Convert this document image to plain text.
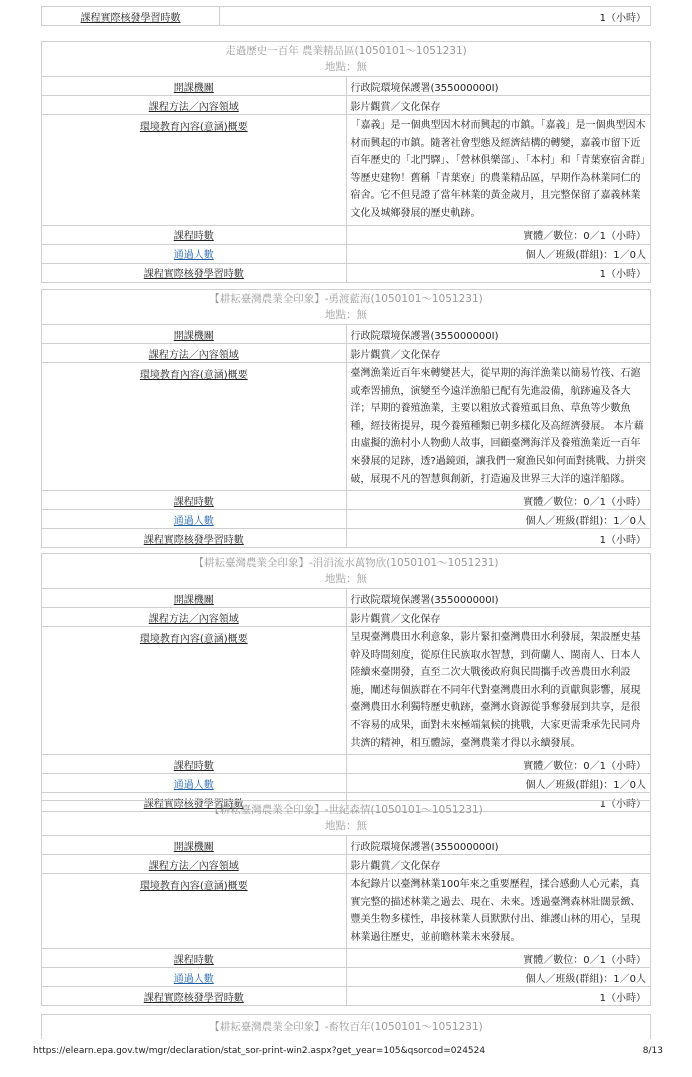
課程實際核發學習時數	1（小時）
走過歷史一百年 農業精品區(1050101～1051231)
地點：無	

開課機關	行政院環境保護署(355000000I)
課程方法／內容領域	影片觀賞／文化保存
環境教育內容(意涵)概要	「嘉義」是一個典型因木材而興起的市鎮。「嘉義」是一個典型因木材而興起的市鎮。隨著社會型態及經濟結構的轉變，嘉義市留下近百年歷史的「北門驛」、「營林俱樂部」、「本村」和「青葉寮宿舍群」等歷史建物！舊稱「青葉寮」的農業精品區，早期作為林業同仁的宿舍。它不但見證了當年林業的黃金歲月，且完整保留了嘉義林業文化及城鄉發展的歷史軌跡。
課程時數	實體／數位：0／1（小時）
通過人數	個人／班級(群組)：1／0人
課程實際核發學習時數	1（小時）
【耕耘臺灣農業全印象】-勇渡藍海(1050101～1051231)
地點：無	

開課機關	行政院環境保護署(355000000I)
課程方法／內容領域	影片觀賞／文化保存
環境教育內容(意涵)概要	臺灣漁業近百年來轉變甚大，從早期的海洋漁業以簡易竹筏、石滬或牽罟捕魚，演變至今遠洋漁船已配有先進設備，航跡遍及各大洋；早期的養殖漁業，主要以粗放式養殖虱目魚、草魚等少數魚種，經技術提昇，現今養殖種類已朝多樣化及高經濟發展。 本片藉由虛擬的漁村小人物動人故事，回顧臺灣海洋及養殖漁業近一百年來發展的足跡，透?過鏡頭，讓我們一窺漁民如何面對挑戰、力拼突破，展現不凡的智慧與創新，打造遍及世界三大洋的遠洋船隊。
課程時數	實體／數位：0／1（小時）
通過人數	個人／班級(群組)：1／0人
課程實際核發學習時數	1（小時）
【耕耘臺灣農業全印象】-涓涓流水萬物欣(1050101～1051231)
地點：無	

開課機關	行政院環境保護署(355000000I)
課程方法／內容領域	影片觀賞／文化保存
環境教育內容(意涵)概要	呈現臺灣農田水利意象，影片緊扣臺灣農田水利發展，架設歷史基幹及時間刻度，從原住民族取水智慧，到荷蘭人、閩南人、日本人陸續來臺開發，直至二次大戰後政府與民間攜手改善農田水利設施，闡述每個族群在不同年代對臺灣農田水利的貢獻與影響，展現臺灣農田水利獨特歷史軌跡，臺灣水資源從爭奪發展到共享，是很不容易的成果，面對未來極端氣候的挑戰，大家更需秉承先民同舟共濟的精神，相互體諒，臺灣農業才得以永續發展。
課程時數	實體／數位：0／1（小時）
通過人數	個人／班級(群組)：1／0人
課程實際核發學習時數	1（小時）
【耕耘臺灣農業全印象】-世紀森情(1050101～1051231)
地點：無	

開課機關	行政院環境保護署(355000000I)
課程方法／內容領域	影片觀賞／文化保存
環境教育內容(意涵)概要	本紀錄片以臺灣林業100年來之重要歷程，揉合感動人心元素，真實完整的描述林業之過去、現在、未來。透過臺灣森林壯闊景緻、豐美生物多樣性，串接林業人員默默付出、維護山林的用心，呈現林業過往歷史，並前瞻林業未來發展。
課程時數	實體／數位：0／1（小時）
通過人數	個人／班級(群組)：1／0人
課程實際核發學習時數	1（小時）
【耕耘臺灣農業全印象】-畜牧百年(1050101～1051231)
https://elearn.epa.gov.tw/mgr/declaration/stat_sor-print-win2.aspx?get_year=105&qsorcod=024524	8/13
